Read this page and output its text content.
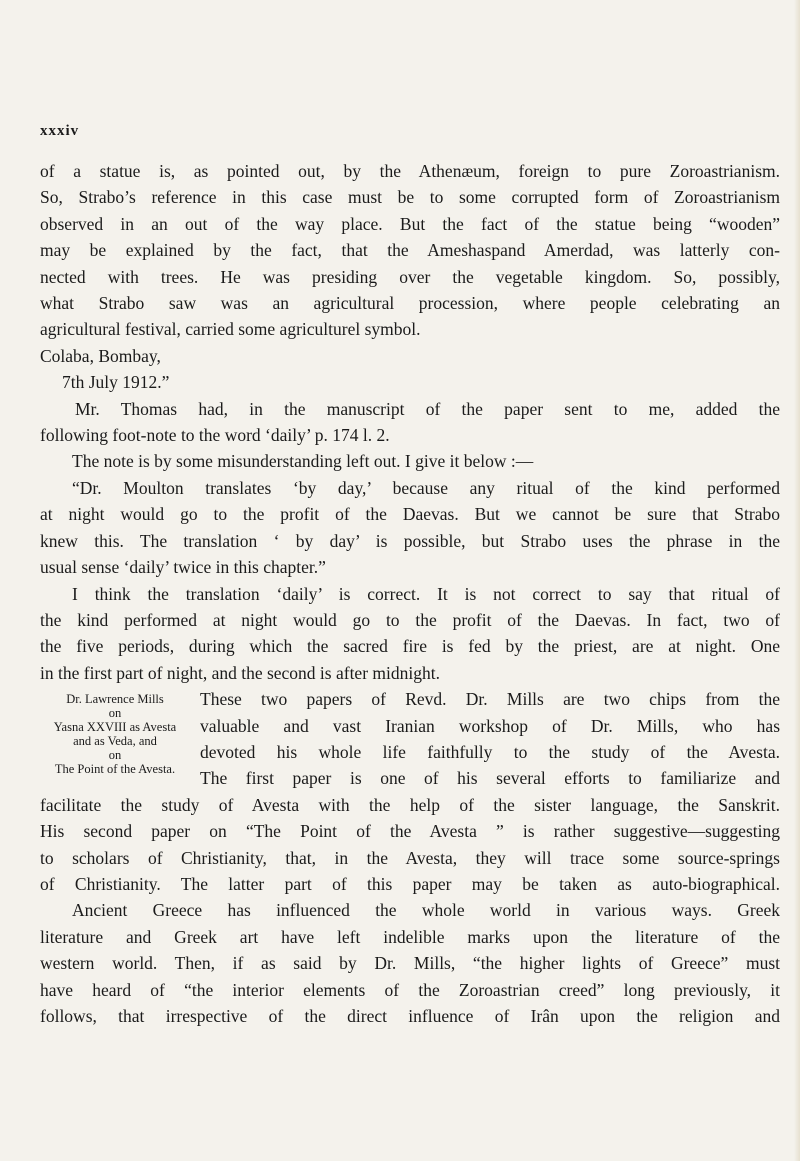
xxxiv
of a statue is, as pointed out, by the Athenæum, foreign to pure Zoroastrianism.
So, Strabo’s reference in this case must be to some corrupted form of Zoroastrianism
observed in an out of the way place. But the fact of the statue being “wooden”
may be explained by the fact, that the Ameshaspand Amerdad, was latterly con-
nected with trees. He was presiding over the vegetable kingdom. So, possibly,
what Strabo saw was an agricultural procession, where people celebrating an
agricultural festival, carried some agriculturel symbol.
Colaba, Bombay,
7th July 1912.”
Mr. Thomas had, in the manuscript of the paper sent to me, added the
following foot-note to the word ‘daily’ p. 174 l. 2.
The note is by some misunderstanding left out. I give it below :—
“Dr. Moulton translates ‘by day,’ because any ritual of the kind performed
at night would go to the profit of the Daevas. But we cannot be sure that Strabo
knew this. The translation ‘ by day’ is possible, but Strabo uses the phrase in the
usual sense ‘daily’ twice in this chapter.”
I think the translation ‘daily’ is correct. It is not correct to say that ritual of
the kind performed at night would go to the profit of the Daevas. In fact, two of
the five periods, during which the sacred fire is fed by the priest, are at night. One
in the first part of night, and the second is after midnight.
Dr. Lawrence Mills
on
Yasna XXVIII as Avesta
and as Veda, and
on
The Point of the Avesta.
These two papers of Revd. Dr. Mills are two chips from the
valuable and vast Iranian workshop of Dr. Mills, who has
devoted his whole life faithfully to the study of the Avesta.
The first paper is one of his several efforts to familiarize and
facilitate the study of Avesta with the help of the sister language, the Sanskrit.
His second paper on “The Point of the Avesta ” is rather suggestive—suggesting
to scholars of Christianity, that, in the Avesta, they will trace some source-springs
of Christianity. The latter part of this paper may be taken as auto-biographical.
Ancient Greece has influenced the whole world in various ways. Greek
literature and Greek art have left indelible marks upon the literature of the
western world. Then, if as said by Dr. Mills, “the higher lights of Greece” must
have heard of “the interior elements of the Zoroastrian creed” long previously, it
follows, that irrespective of the direct influence of Irân upon the religion and
